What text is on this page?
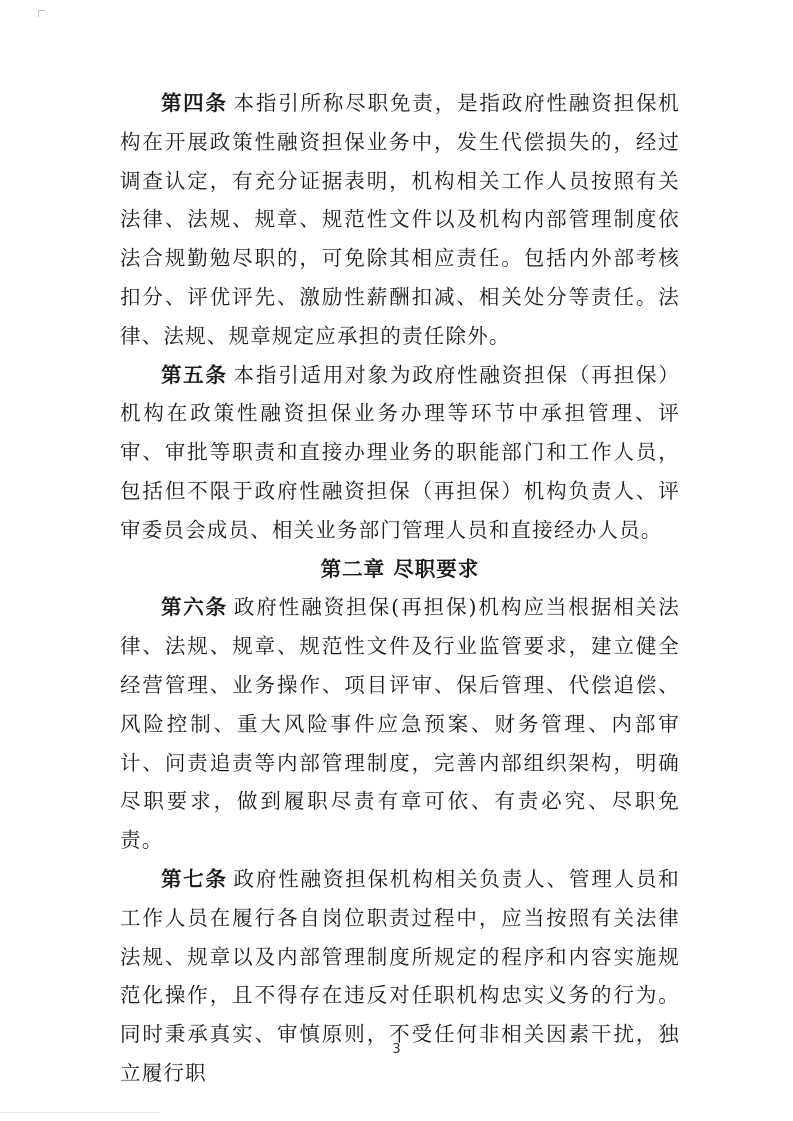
第四条 本指引所称尽职免责，是指政府性融资担保机构在开展政策性融资担保业务中，发生代偿损失的，经过调查认定，有充分证据表明，机构相关工作人员按照有关法律、法规、规章、规范性文件以及机构内部管理制度依法合规勤勉尽职的，可免除其相应责任。包括内外部考核扣分、评优评先、激励性薪酬扣减、相关处分等责任。法律、法规、规章规定应承担的责任除外。

第五条 本指引适用对象为政府性融资担保（再担保）机构在政策性融资担保业务办理等环节中承担管理、评审、审批等职责和直接办理业务的职能部门和工作人员，包括但不限于政府性融资担保（再担保）机构负责人、评审委员会成员、相关业务部门管理人员和直接经办人员。

第二章 尽职要求

第六条 政府性融资担保(再担保)机构应当根据相关法律、法规、规章、规范性文件及行业监管要求，建立健全经营管理、业务操作、项目评审、保后管理、代偿追偿、风险控制、重大风险事件应急预案、财务管理、内部审计、问责追责等内部管理制度，完善内部组织架构，明确尽职要求，做到履职尽责有章可依、有责必究、尽职免责。

第七条 政府性融资担保机构相关负责人、管理人员和工作人员在履行各自岗位职责过程中，应当按照有关法律法规、规章以及内部管理制度所规定的程序和内容实施规范化操作，且不得存在违反对任职机构忠实义务的行为。同时秉承真实、审慎原则，不受任何非相关因素干扰，独立履行职

3
